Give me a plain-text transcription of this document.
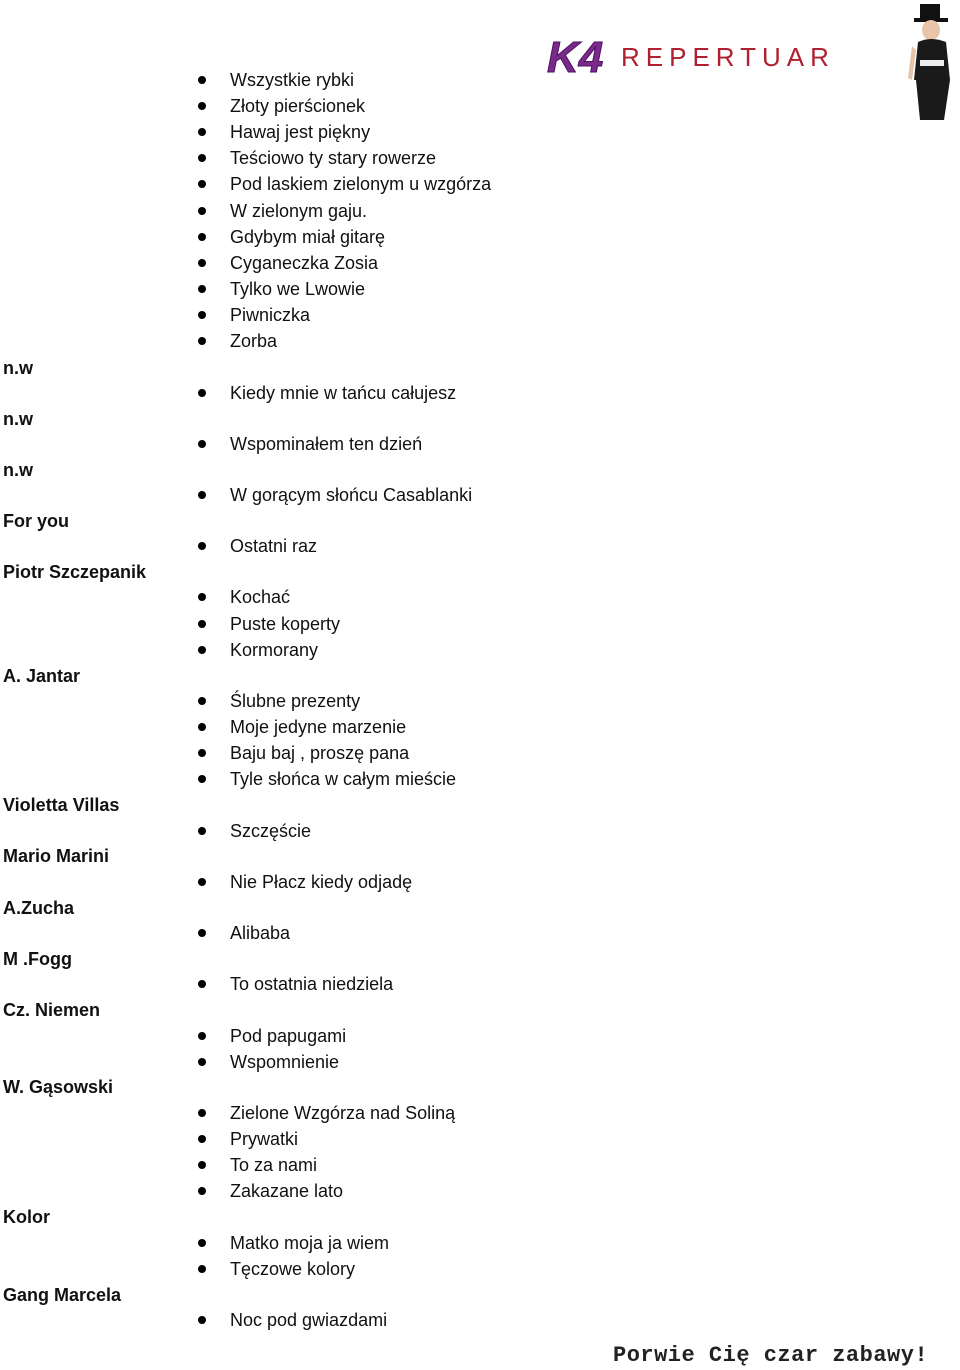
K4 REPERTUAR
n.w
n.w
n.w
For you
Piotr Szczepanik
A. Jantar
Violetta Villas
Mario Marini
A.Zucha
M .Fogg
Cz. Niemen
W. Gąsowski
Kolor
Gang Marcela
Wszystkie rybki
Złoty pierścionek
Hawaj jest piękny
Teściowo ty stary rowerze
Pod laskiem zielonym u wzgórza
W zielonym gaju.
Gdybym miał gitarę
Cyganeczka Zosia
Tylko we Lwowie
Piwniczka
Zorba
Kiedy mnie w tańcu całujesz
Wspominałem ten dzień
W gorącym słońcu Casablanki
Ostatni raz
Kochać
Puste koperty
Kormorany
Ślubne prezenty
Moje jedyne marzenie
Baju baj , proszę pana
Tyle słońca w całym mieście
Szczęście
Nie Płacz kiedy odjadę
Alibaba
To ostatnia niedziela
Pod papugami
Wspomnienie
Zielone Wzgórza nad Soliną
Prywatki
To za nami
Zakazane lato
Matko moja ja wiem
Tęczowe kolory
Noc pod gwiazdami
Porwie Cię czar zabawy!
